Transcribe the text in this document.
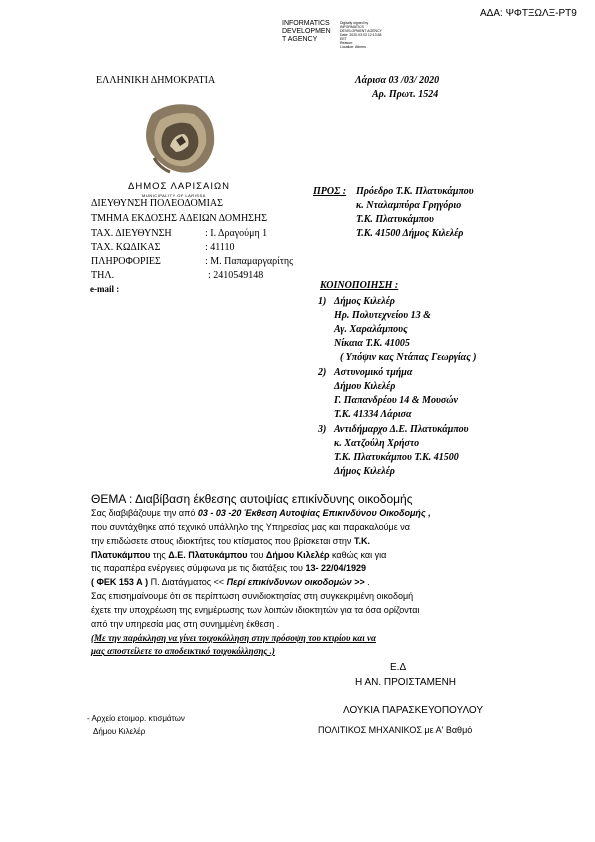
ΑΔΑ: ΨΦΤΞΩΛΞ-ΡΤ9
INFORMATICS
DEVELOPMEN
T AGENCY
Digitally signed by
INFORMATICS
DEVELOPMENT AGENCY
Date: 2020.03.03 12:13:38
EET
Reason:
Location: Athens
ΕΛΛΗΝΙΚΗ ΔΗΜΟΚΡΑΤΙΑ	Λάρισα 03 /03/ 2020
Αρ. Πρωτ. 1524
ΔΗΜΟΣ ΛΑΡΙΣΑΙΩΝ
MUNICIPALITY OF LARISSA
ΔΙΕΥΘΥΝΣΗ ΠΟΛΕΟΔΟΜΙΑΣ
ΤΜΗΜΑ ΕΚΔΟΣΗΣ ΑΔΕΙΩΝ ΔΟΜΗΣΗΣ
ΤΑΧ. ΔΙΕΥΘΥΝΣΗ	: Ι. Δραγούμη 1
ΤΑΧ. ΚΩΔΙΚΑΣ	: 41110
ΠΛΗΡΟΦΟΡΙΕΣ	: Μ. Παπαμαργαρίτης
ΤΗΛ.	: 2410549148
e-mail :
ΠΡΟΣ : Πρόεδρο Τ.Κ. Πλατυκάμπου
κ. Νταλαμπύρα Γρηγόριο
Τ.Κ. Πλατυκάμπου
Τ.Κ. 41500 Δήμος Κιλελέρ
ΚΟΙΝΟΠΟΙΗΣΗ :
1) Δήμος Κιλελέρ
Ηρ. Πολυτεχνείου 13 &
Αγ. Χαραλάμπους
Νίκαια Τ.Κ. 41005
( Υπόψιν κας Ντάπας Γεωργίας )
2) Αστυνομικό τμήμα
Δήμου Κιλελέρ
Γ. Παπανδρέου 14 & Μουσών
Τ.Κ. 41334 Λάρισα
3) Αντιδήμαρχο Δ.Ε. Πλατυκάμπου
κ. Χατζούλη Χρήστο
Τ.Κ. Πλατυκάμπου Τ.Κ. 41500
Δήμος Κιλελέρ
ΘΕΜΑ : Διαβίβαση έκθεσης αυτοψίας επικίνδυνης οικοδομής
Σας διαβιβάζουμε την από 03 - 03 -20 Έκθεση Αυτοψίας Επικινδύνου Οικοδομής ,
που συντάχθηκε από τεχνικό υπάλληλο της Υπηρεσίας μας και παρακαλούμε να
την επιδώσετε στους ιδιοκτήτες του κτίσματος που βρίσκεται στην Τ.Κ.
Πλατυκάμπου της Δ.Ε. Πλατυκάμπου του Δήμου Κιλελέρ καθώς και για
τις παραπέρα ενέργειες σύμφωνα με τις διατάξεις του 13- 22/04/1929
( ΦΕΚ 153 Α ) Π. Διατάγματος << Περί επικίνδυνων οικοδομών >> .
Σας επισημαίνουμε ότι σε περίπτωση συνιδιοκτησίας στη συγκεκριμένη οικοδομή
έχετε την υποχρέωση της ενημέρωσης των λοιπών ιδιοκτητών για τα όσα ορίζονται
από την υπηρεσία μας στη συνημμένη έκθεση .
(Με την παράκληση να γίνει τοιχοκόλληση στην πρόσοψη του κτιρίου και να
μας αποστείλετε το αποδεικτικό τοιχοκόλλησης .)
Ε.Δ
Η ΑΝ. ΠΡΟΙΣΤΑΜΕΝΗ
ΛΟΥΚΙΑ ΠΑΡΑΣΚΕΥΟΠΟΥΛΟΥ
ΠΟΛΙΤΙΚΟΣ ΜΗΧΑΝΙΚΟΣ με Α' Βαθμό
- Αρχείο ετοιμορ. κτισμάτων
Δήμου Κιλελέρ
